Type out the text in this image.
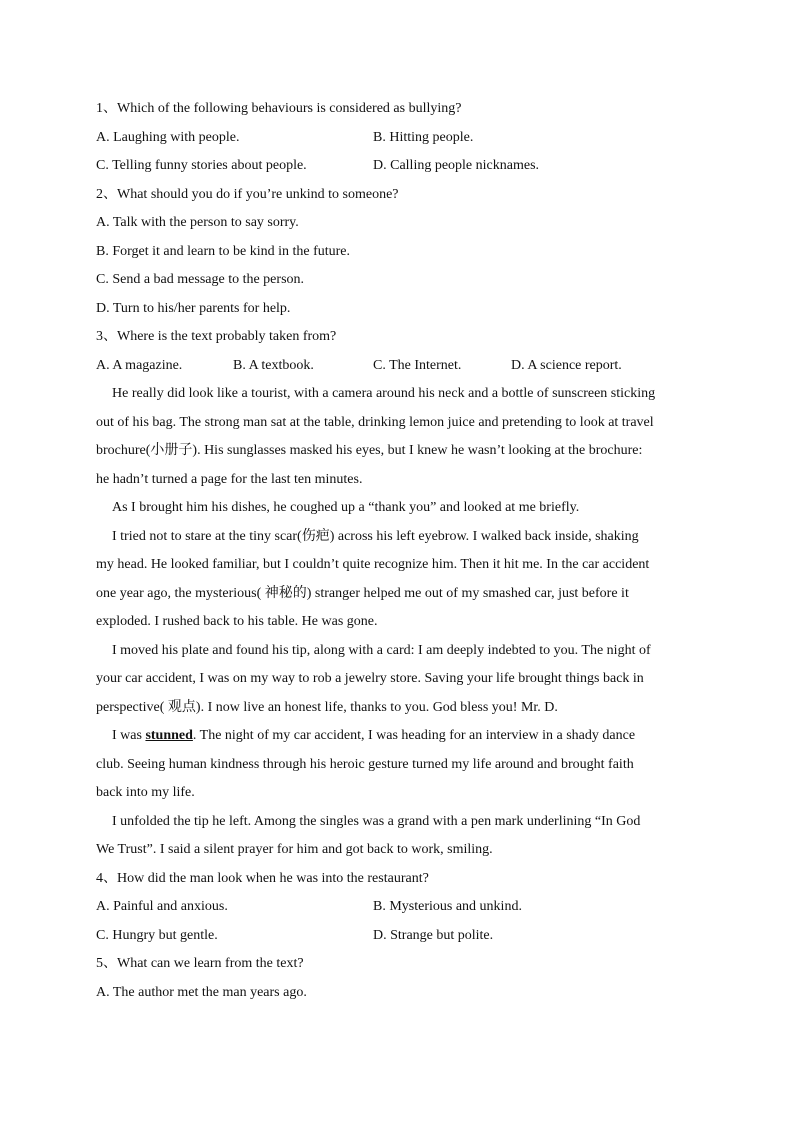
1、Which of the following behaviours is considered as bullying?
A. Laughing with people.	B. Hitting people.
C. Telling funny stories about people.	D. Calling people nicknames.
2、What should you do if you’re unkind to someone?
A. Talk with the person to say sorry.
B. Forget it and learn to be kind in the future.
C. Send a bad message to the person.
D. Turn to his/her parents for help.
3、Where is the text probably taken from?
A. A magazine.	B. A textbook.	C. The Internet.	D. A science report.
He really did look like a tourist, with a camera around his neck and a bottle of sunscreen sticking
out of his bag. The strong man sat at the table, drinking lemon juice and pretending to look at travel
brochure(小册子). His sunglasses masked his eyes, but I knew he wasn’t looking at the brochure:
he hadn’t turned a page for the last ten minutes.
As I brought him his dishes, he coughed up a “thank you” and looked at me briefly.
I tried not to stare at the tiny scar(伤疤) across his left eyebrow. I walked back inside, shaking
my head. He looked familiar, but I couldn’t quite recognize him. Then it hit me. In the car accident
one year ago, the mysterious( 神秘的) stranger helped me out of my smashed car, just before it
exploded. I rushed back to his table. He was gone.
I moved his plate and found his tip, along with a card: I am deeply indebted to you. The night of
your car accident, I was on my way to rob a jewelry store. Saving your life brought things back in
perspective( 观点). I now live an honest life, thanks to you. God bless you! Mr. D.
I was stunned. The night of my car accident, I was heading for an interview in a shady dance
club. Seeing human kindness through his heroic gesture turned my life around and brought faith
back into my life.
I unfolded the tip he left. Among the singles was a grand with a pen mark underlining “In God
We Trust”. I said a silent prayer for him and got back to work, smiling.
4、How did the man look when he was into the restaurant?
A. Painful and anxious.	B. Mysterious and unkind.
C. Hungry but gentle.	D. Strange but polite.
5、What can we learn from the text?
A. The author met the man years ago.
